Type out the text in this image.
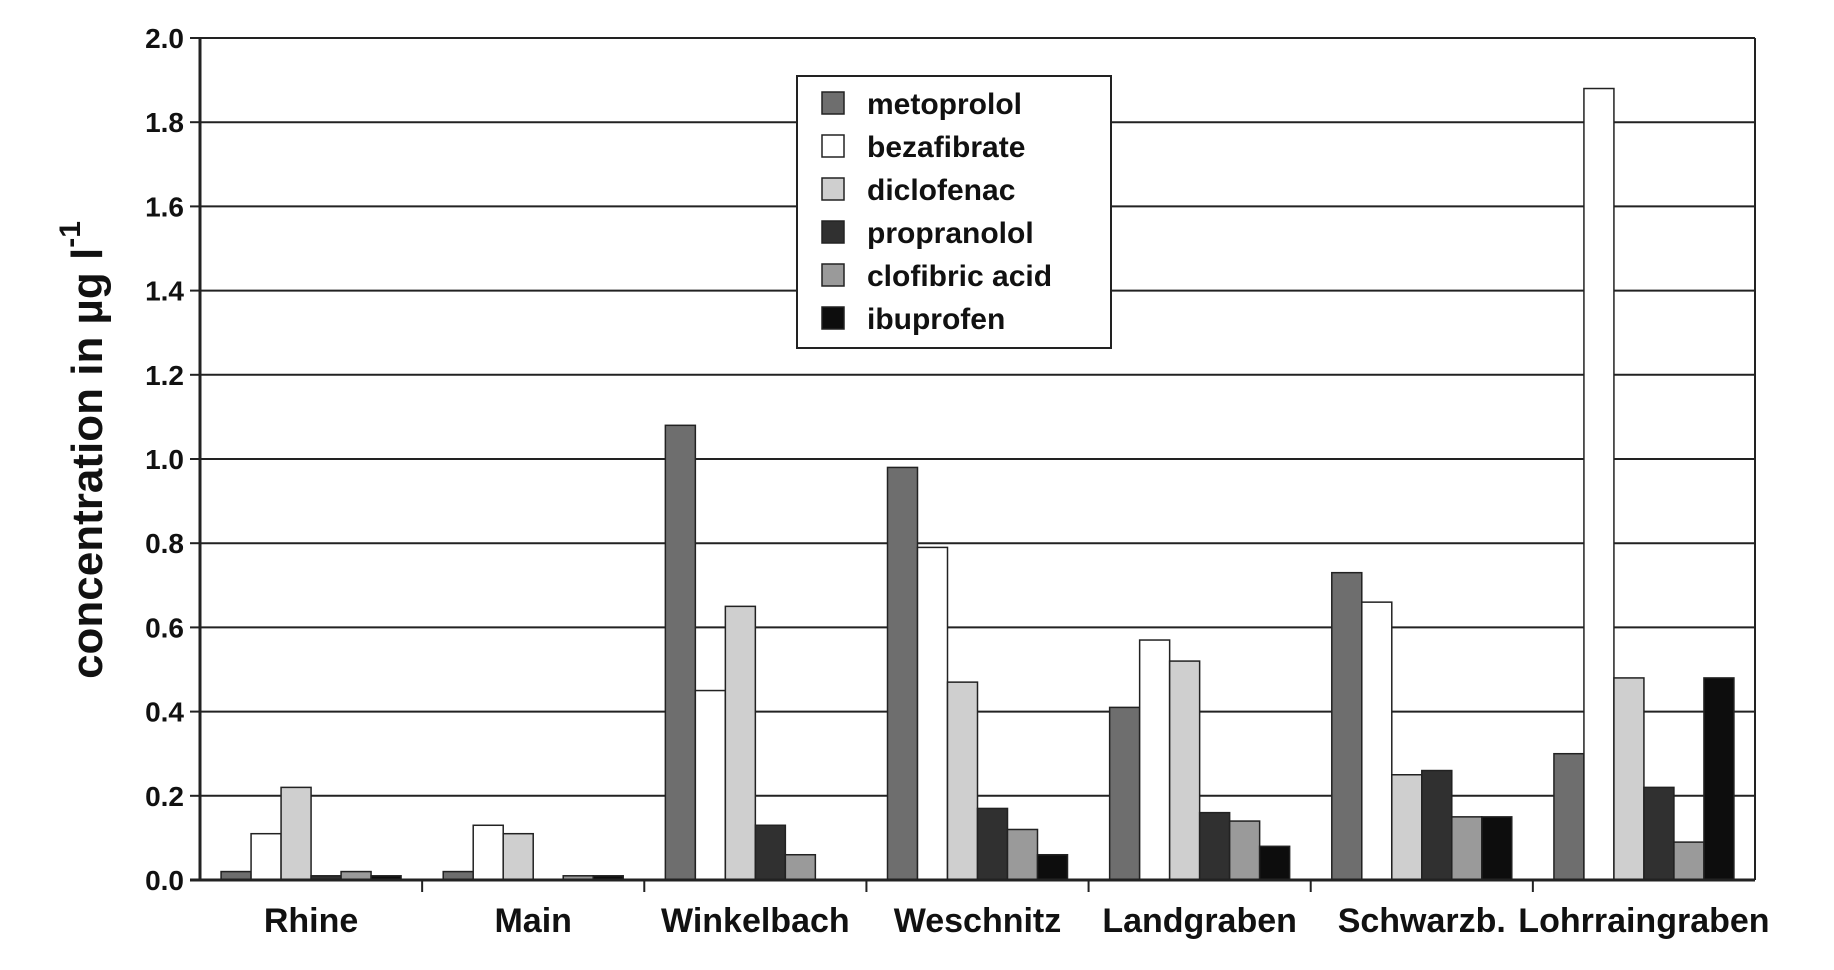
0.0
0.2
0.4
0.6
0.8
1.0
1.2
1.4
1.6
1.8
2.0
Rhine	Main	Winkelbach Weschnitz Landgraben Schwarzb. Lohrraingraben
concentration in µg $l^{-1}$
metoprolol
bezafibrate
diclofenac
propranolol
clofibric acid
ibuprofen
